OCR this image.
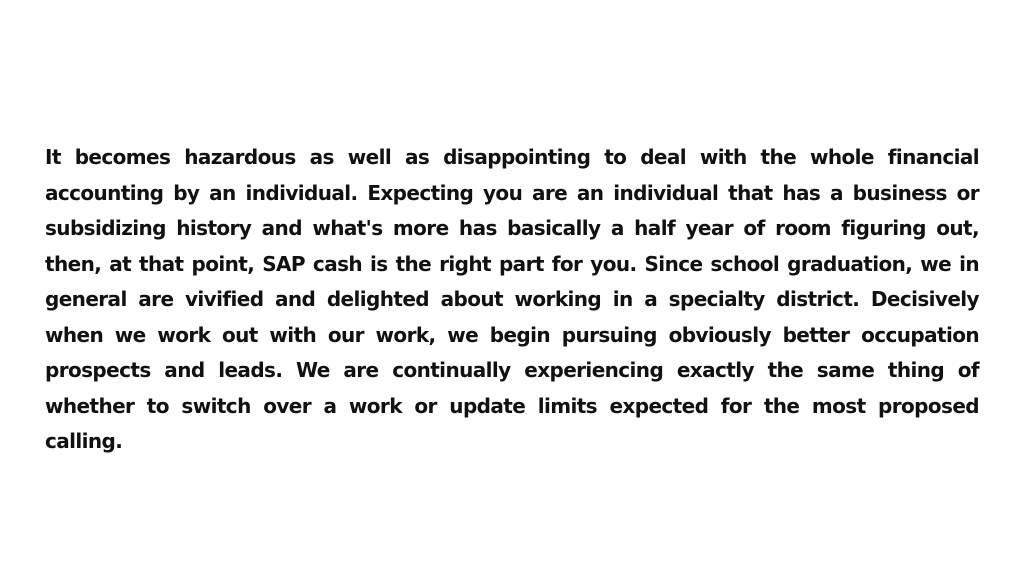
It becomes hazardous as well as disappointing to deal with the whole financial accounting by an individual. Expecting you are an individual that has a business or subsidizing history and what's more has basically a half year of room figuring out, then, at that point, SAP cash is the right part for you. Since school graduation, we in general are vivified and delighted about working in a specialty district. Decisively when we work out with our work, we begin pursuing obviously better occupation prospects and leads. We are continually experiencing exactly the same thing of whether to switch over a work or update limits expected for the most proposed calling.
